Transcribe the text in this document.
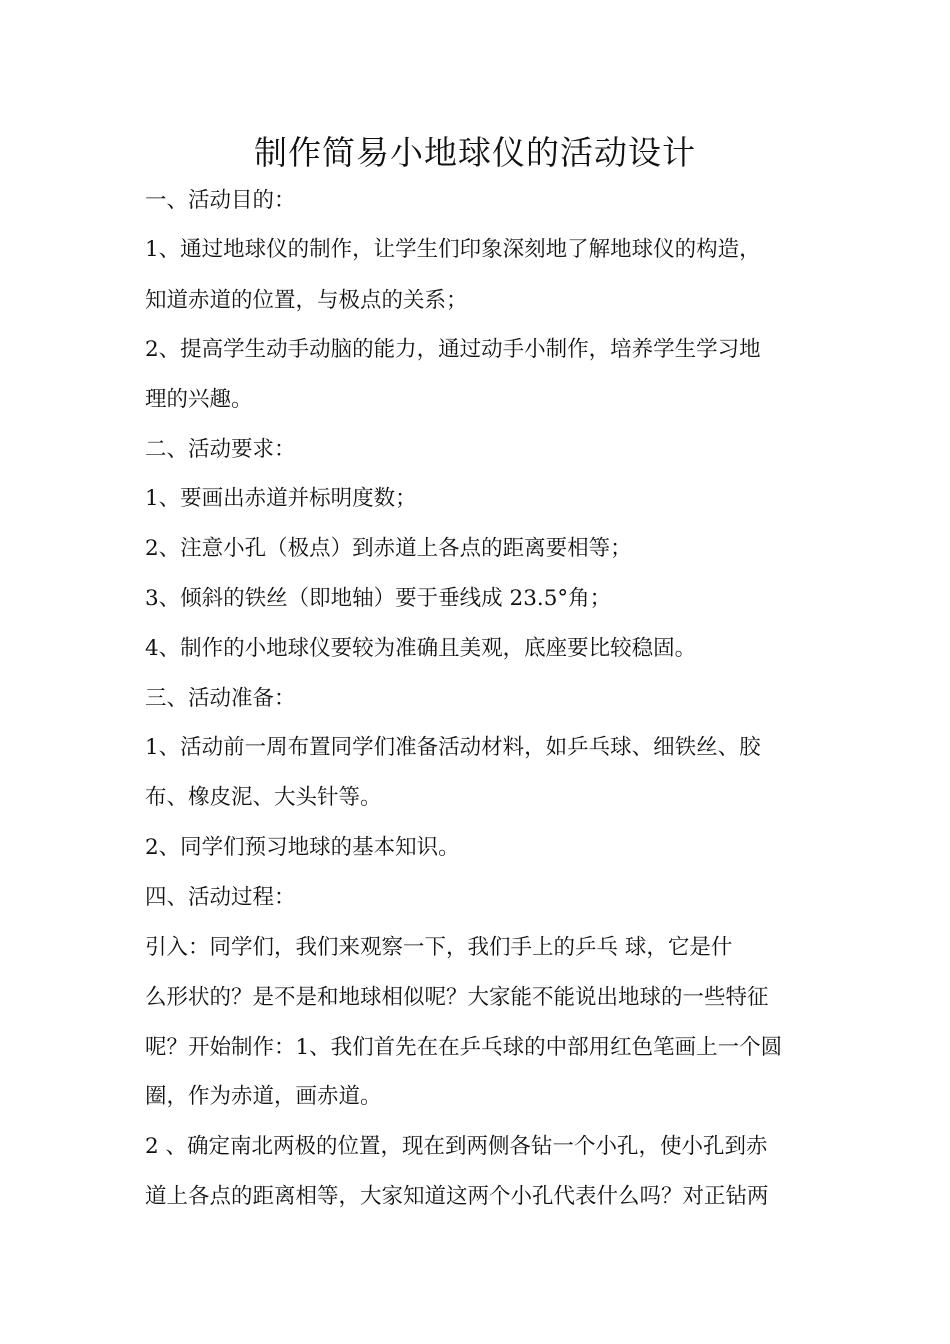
制作简易小地球仪的活动设计
一、活动目的：
1、通过地球仪的制作，让学生们印象深刻地了解地球仪的构造，
知道赤道的位置，与极点的关系；
2、提高学生动手动脑的能力，通过动手小制作，培养学生学习地
理的兴趣。
二、活动要求：
1、要画出赤道并标明度数；
2、注意小孔（极点）到赤道上各点的距离要相等；
3、倾斜的铁丝（即地轴）要于垂线成 23.5°角；
4、制作的小地球仪要较为准确且美观，底座要比较稳固。
三、活动准备：
1、活动前一周布置同学们准备活动材料，如乒乓球、细铁丝、胶
布、橡皮泥、大头针等。
2、同学们预习地球的基本知识。
四、活动过程：
引入：同学们，我们来观察一下，我们手上的乒乓 球，它是什
么形状的？是不是和地球相似呢？大家能不能说出地球的一些特征
呢？开始制作：1、我们首先在在乒乓球的中部用红色笔画上一个圆
圈，作为赤道，画赤道。
2 、确定南北两极的位置，现在到两侧各钻一个小孔，使小孔到赤
道上各点的距离相等，大家知道这两个小孔代表什么吗？对正钻两
